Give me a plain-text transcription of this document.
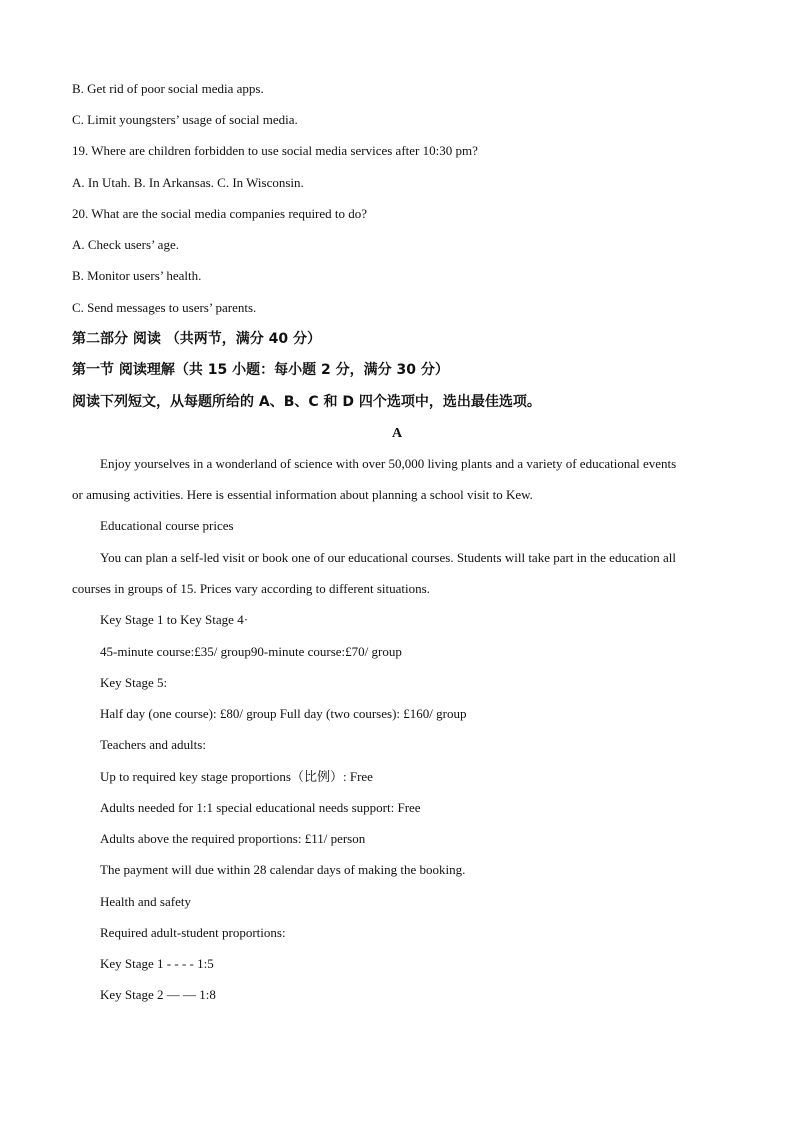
B. Get rid of poor social media apps.
C. Limit youngsters’ usage of social media.
19. Where are children forbidden to use social media services after 10:30 pm?
A. In Utah. B. In Arkansas. C. In Wisconsin.
20. What are the social media companies required to do?
A. Check users’ age.
B. Monitor users’ health.
C. Send messages to users’ parents.
第二部分 阅读 （共两节，满分 40 分）
第一节 阅读理解（共 15 小题：每小题 2 分，满分 30 分）
阅读下列短文，从每题所给的 A、B、C 和 D 四个选项中，选出最佳选项。
A
Enjoy yourselves in a wonderland of science with over 50,000 living plants and a variety of educational events
or amusing activities. Here is essential information about planning a school visit to Kew.
Educational course prices
You can plan a self-led visit or book one of our educational courses. Students will take part in the education all
courses in groups of 15. Prices vary according to different situations.
Key Stage 1 to Key Stage 4·
45-minute course:£35/ group90-minute course:£70/ group
Key Stage 5:
Half day (one course): £80/ group Full day (two courses): £160/ group
Teachers and adults:
Up to required key stage proportions（比例）: Free
Adults needed for 1:1 special educational needs support: Free
Adults above the required proportions: £11/ person
The payment will due within 28 calendar days of making the booking.
Health and safety
Required adult-student proportions:
Key Stage 1 - - - - 1:5
Key Stage 2 — — 1:8
